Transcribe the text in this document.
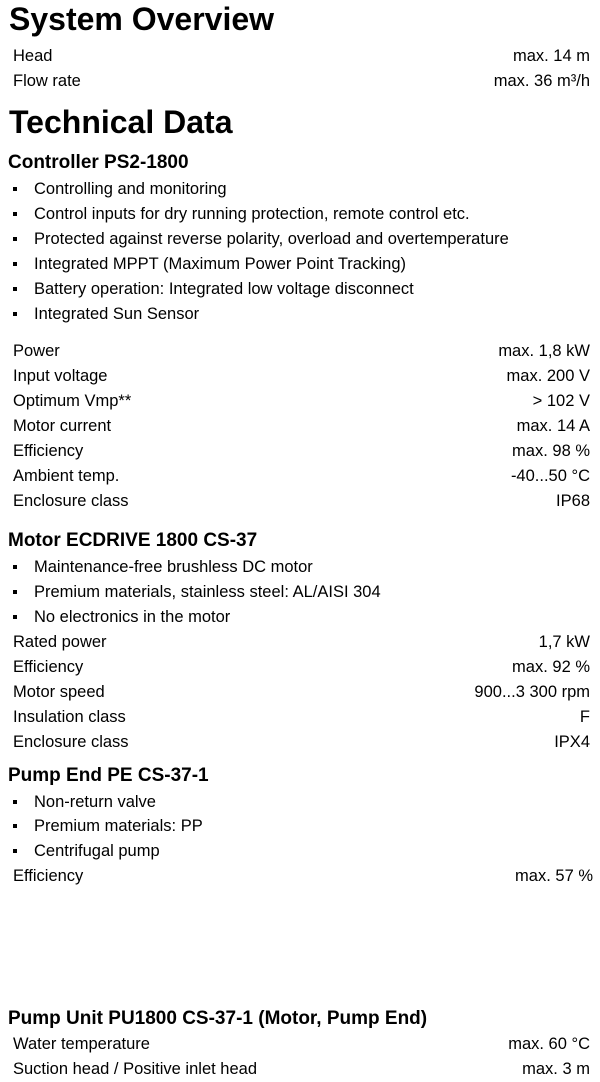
System Overview
Head	max. 14 m
Flow rate	max. 36 m³/h
Technical Data
Controller PS2-1800
Controlling and monitoring
Control inputs for dry running protection, remote control etc.
Protected against reverse polarity, overload and overtemperature
Integrated MPPT (Maximum Power Point Tracking)
Battery operation: Integrated low voltage disconnect
Integrated Sun Sensor
Power	max. 1,8 kW
Input voltage	max. 200 V
Optimum Vmp**	> 102 V
Motor current	max. 14 A
Efficiency	max. 98 %
Ambient temp.	-40...50 °C
Enclosure class	IP68
Motor ECDRIVE 1800 CS-37
Maintenance-free brushless DC motor
Premium materials, stainless steel: AL/AISI 304
No electronics in the motor
Rated power	1,7 kW
Efficiency	max. 92 %
Motor speed	900...3 300 rpm
Insulation class	F
Enclosure class	IPX4
Pump End PE CS-37-1
Non-return valve
Premium materials: PP
Centrifugal pump
Efficiency	max. 57 %
Pump Unit PU1800 CS-37-1 (Motor, Pump End)
Water temperature	max. 60 °C
Suction head / Positive inlet head	max. 3 m
